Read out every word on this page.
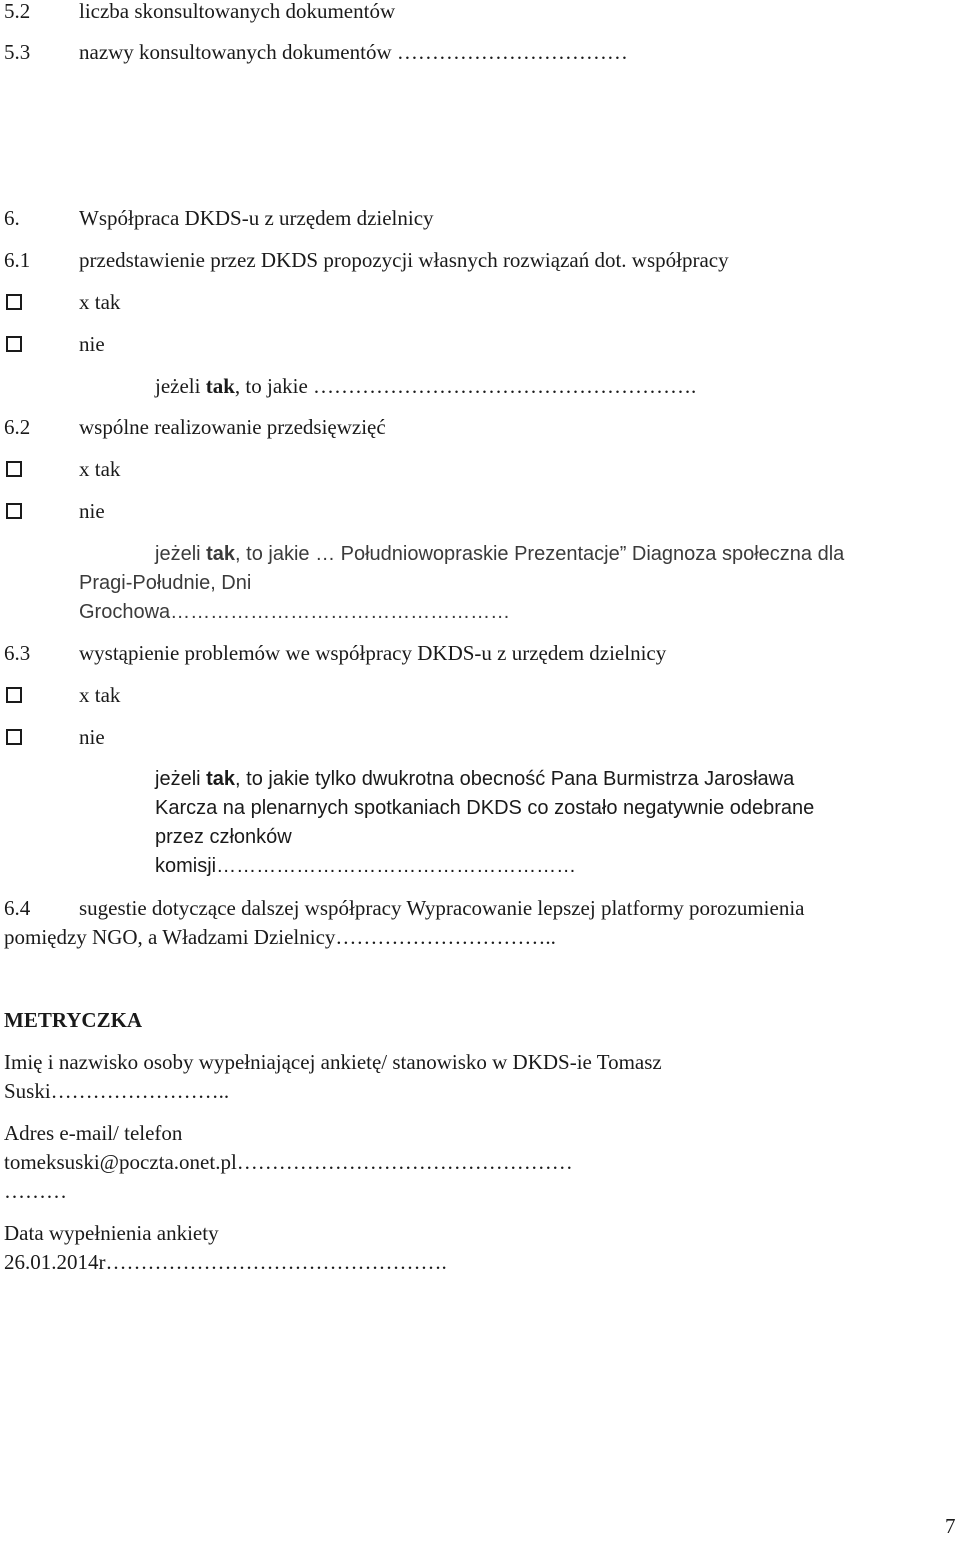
5.2 liczba skonsultowanych dokumentów
5.3 nazwy konsultowanych dokumentów ……………………………
6.	Współpraca DKDS-u z urzędem dzielnicy
6.1 przedstawienie przez DKDS propozycji własnych rozwiązań dot. współpracy
x tak
nie
jeżeli tak, to jakie ……………………………………………….
6.2 wspólne realizowanie przedsięwzięć
x tak
nie
jeżeli tak, to jakie … Południowopraskie Prezentacje” Diagnoza społeczna dla
Pragi-Południe, Dni
Grochowa……………………………………………
6.3 wystąpienie problemów we współpracy DKDS-u z urzędem dzielnicy
x tak
nie
jeżeli tak, to jakie tylko dwukrotna obecność Pana Burmistrza Jarosława
Karcza na plenarnych spotkaniach DKDS co zostało negatywnie odebrane
przez członków
komisji………………………………………………
6.4 sugestie dotyczące dalszej współpracy Wypracowanie lepszej platformy porozumienia
pomiędzy NGO, a Władzami Dzielnicy…………………………..
METRYCZKA
Imię i nazwisko osoby wypełniającej ankietę/ stanowisko w DKDS-ie Tomasz
Suski……………………..
Adres e-mail/ telefon
tomeksuski@poczta.onet.pl…………………………………………
………
Data wypełnienia ankiety
26.01.2014r………………………………………….
7
